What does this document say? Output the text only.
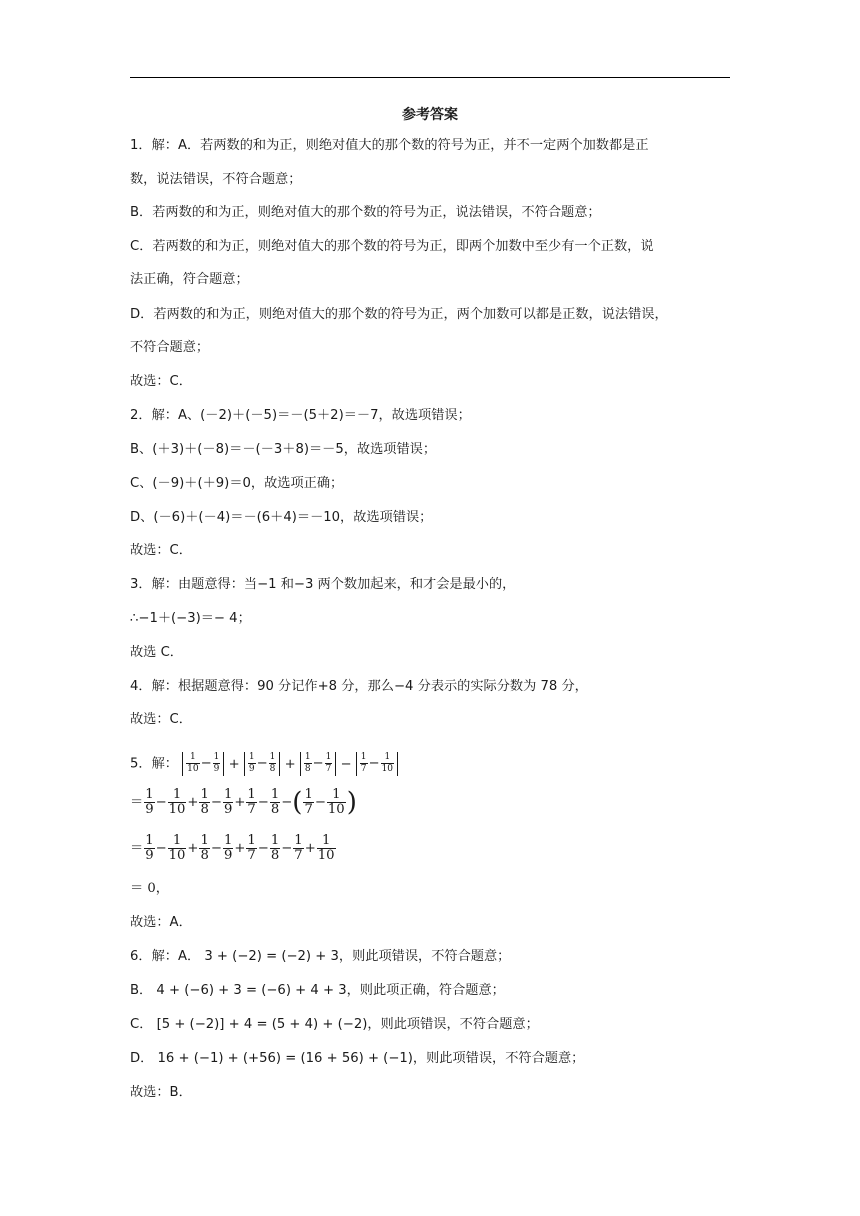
参考答案
1．解：A．若两数的和为正，则绝对值大的那个数的符号为正，并不一定两个加数都是正
数，说法错误，不符合题意；
B．若两数的和为正，则绝对值大的那个数的符号为正，说法错误，不符合题意；
C．若两数的和为正，则绝对值大的那个数的符号为正，即两个加数中至少有一个正数，说
法正确，符合题意；
D．若两数的和为正，则绝对值大的那个数的符号为正，两个加数可以都是正数，说法错误，
不符合题意；
故选：C．
2．解：A、(－2)＋(－5)＝－(5＋2)＝－7，故选项错误；
B、(＋3)＋(－8)＝－(－3＋8)＝－5，故选项错误；
C、(－9)＋(＋9)＝0，故选项正确；
D、(－6)＋(－4)＝－(6＋4)＝－10，故选项错误；
故选：C．
3．解：由题意得：当−1 和−3 两个数加起来，和才会是最小的，
∴−1＋(−3)＝− 4；
故选 C．
4．解：根据题意得：90 分记作+8 分，那么−4 分表示的实际分数为 78 分，
故选：C．
5．解： $\frac{1}{10} - \frac{1}{9} + \frac{1}{9} - \frac{1}{8} + \frac{1}{8} - \frac{1}{7} - \frac{1}{7} - \frac{1}{10}$
＝ $\frac{1}{9} - \frac{1}{10} + \frac{1}{8} - \frac{1}{9} + \frac{1}{7} - \frac{1}{8}$ −( $\frac{1}{7} - \frac{1}{10}$ )
＝ $\frac{1}{9} - \frac{1}{10} + \frac{1}{8} - \frac{1}{9} + \frac{1}{7} - \frac{1}{8} - \frac{1}{7} + \frac{1}{10}$
＝ 0，
故选：A．
6．解：A． 3 + (−2) = (−2) + 3，则此项错误，不符合题意；
B． 4 + (−6) + 3 = (−6) + 4 + 3，则此项正确，符合题意；
C． [5 + (−2)] + 4 = (5 + 4) + (−2)，则此项错误，不符合题意；
D． 16 + (−1) + (+56) = (16 + 56) + (−1)，则此项错误，不符合题意；
故选：B．
